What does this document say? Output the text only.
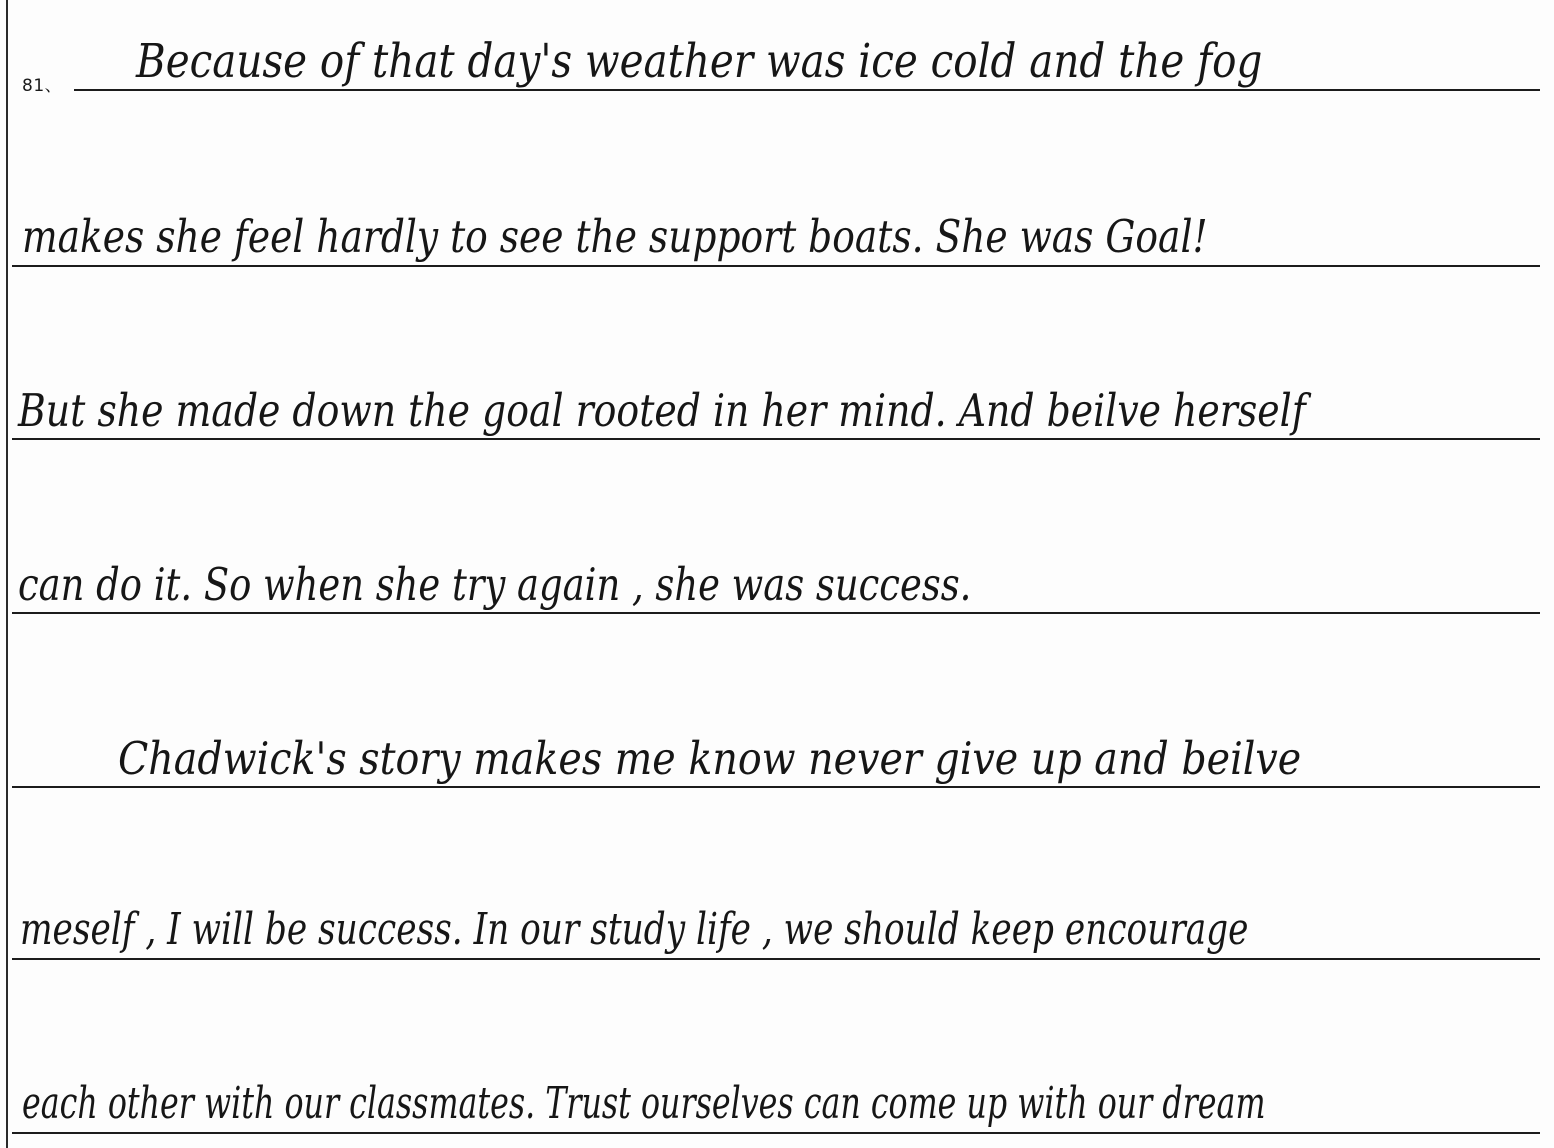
81、 Because of that day's weather was ice cold and the fog
makes she feel hardly to see the support boats. She was Goal!
But she made down the goal rooted in her mind. And beilve herself
can do it. So when she try again , she was success.
Chadwick's story makes me know never give up and beilve
meself , I will be success. In our study life , we should keep encourage
each other with our classmates. Trust ourselves can come up with our dream
